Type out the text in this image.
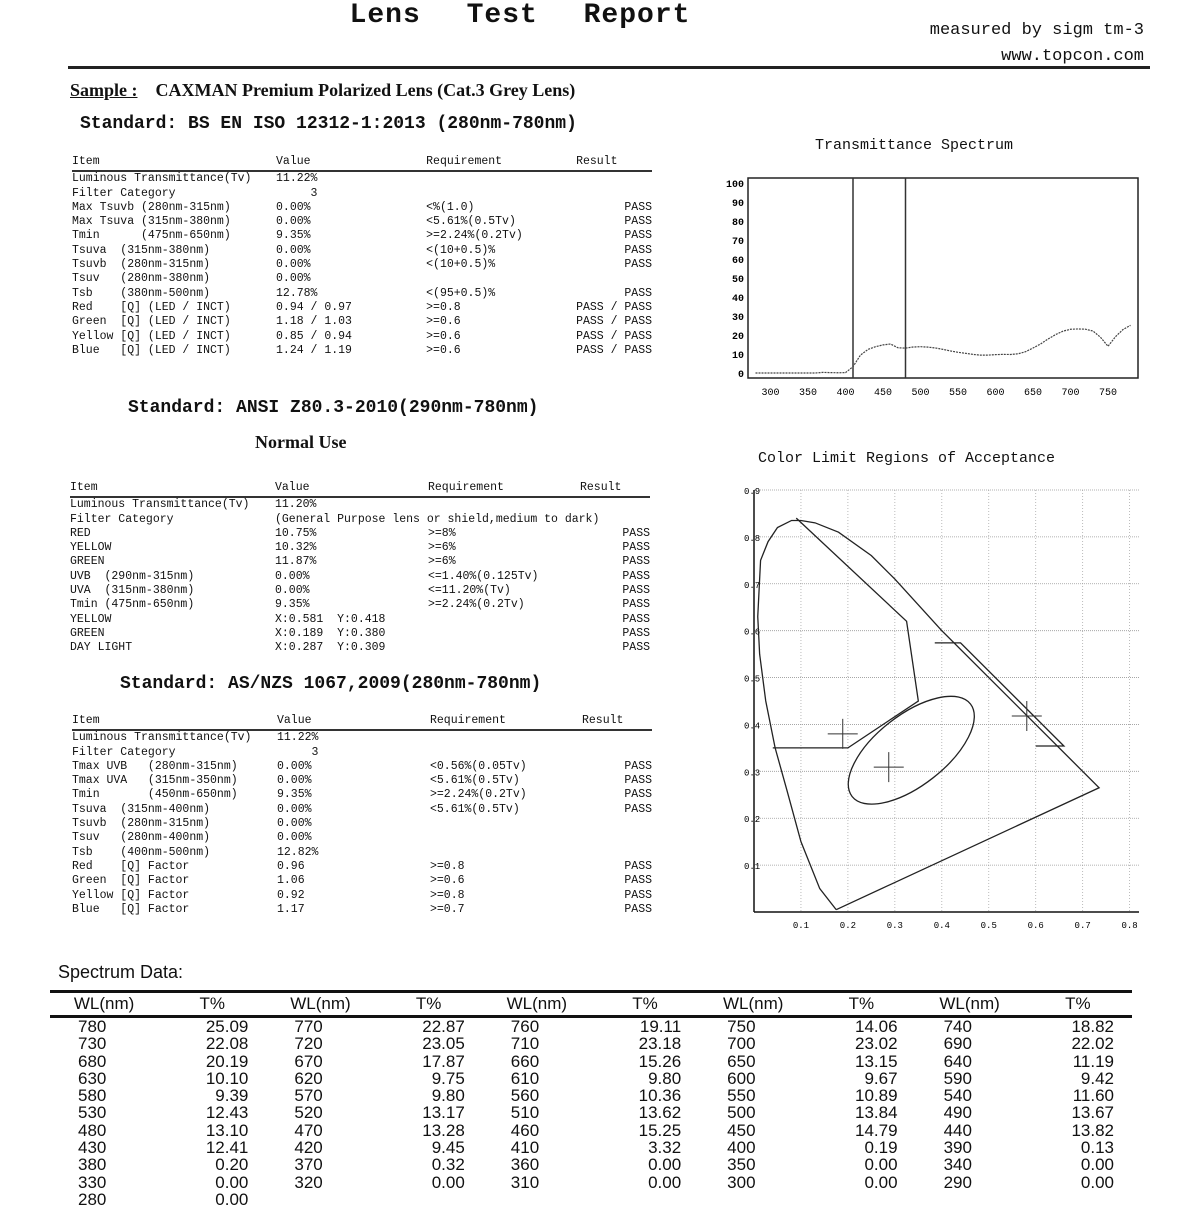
Lens Test Report	measured by sigm tm-3
www.topcon.com
Sample : CAXMAN Premium Polarized Lens (Cat.3 Grey Lens)
Standard: BS EN ISO 12312-1:2013 (280nm-780nm)
Item	Value	Requirement	Result
Luminous Transmittance(Tv)	11.22%		
Filter Category	3		
Max Tsuvb (280nm-315nm)	0.00%	<%(1.0)	PASS

Max Tsuva (315nm-380nm)	0.00%	<5.61%(0.5Tv)	PASS
Tmin      (475nm-650nm)	9.35%	>=2.24%(0.2Tv)	PASS
Tsuva  (315nm-380nm)	0.00%	<(10+0.5)%	PASS
Tsuvb  (280nm-315nm)	0.00%	<(10+0.5)%	PASS
Tsuv   (280nm-380nm)	0.00%		
Tsb    (380nm-500nm)	12.78%	<(95+0.5)%	PASS
Red    [Q] (LED / INCT)	0.94 / 0.97	>=0.8	PASS / PASS
Green  [Q] (LED / INCT)	1.18 / 1.03	>=0.6	PASS / PASS
Yellow [Q] (LED / INCT)	0.85 / 0.94	>=0.6	PASS / PASS
Blue   [Q] (LED / INCT)	1.24 / 1.19	>=0.6	PASS / PASS
Standard: ANSI Z80.3-2010(290nm-780nm)
Normal Use
Item	Value	Requirement	Result
Luminous Transmittance(Tv)	11.20%		
Filter Category	(General Purpose lens or shield,medium to dark)		
RED	10.75%	>=8%	PASS
YELLOW	10.32%	>=6%	PASS
GREEN	11.87%	>=6%	PASS
UVB  (290nm-315nm)	0.00%	<=1.40%(0.125Tv)	PASS
UVA  (315nm-380nm)	0.00%	<=11.20%(Tv)	PASS
Tmin (475nm-650nm)	9.35%	>=2.24%(0.2Tv)	PASS
YELLOW	X:0.581  Y:0.418		PASS
GREEN	X:0.189  Y:0.380		PASS
DAY LIGHT	X:0.287  Y:0.309		PASS
Standard: AS/NZS 1067,2009(280nm-780nm)
Item	Value	Requirement	Result
Luminous Transmittance(Tv)	11.22%		
Filter Category	3		
Tmax UVB   (280nm-315nm)	0.00%	<0.56%(0.05Tv)	PASS
Tmax UVA   (315nm-350nm)	0.00%	<5.61%(0.5Tv)	PASS
Tmin       (450nm-650nm)	9.35%	>=2.24%(0.2Tv)	PASS
Tsuva  (315nm-400nm)	0.00%	<5.61%(0.5Tv)	PASS
Tsuvb  (280nm-315nm)	0.00%		
Tsuv   (280nm-400nm)	0.00%		
Tsb    (400nm-500nm)	12.82%		
Red    [Q] Factor	0.96	>=0.8	PASS
Green  [Q] Factor	1.06	>=0.6	PASS
Yellow [Q] Factor	0.92	>=0.8	PASS
Blue   [Q] Factor	1.17	>=0.7	PASS
Transmittance Spectrum
0
10
20
30
40
50
60
70
80
90
100
300 350 400 450 500 550 600 650 700 750
Color Limit Regions of Acceptance
0.1
0.2
0.3
0.4
0.5
0.6
0.7
0.8
0.9
0.1	0.2	0.3	0.4	0.5	0.6	0.7	0.8
Spectrum Data:
WL(nm)	T%	WL(nm)	T%	WL(nm)	T%	WL(nm)	T%	WL(nm)	T%
780	25.09	770	22.87	760	19.11	750	14.06	740	18.82
730	22.08	720	23.05	710	23.18	700	23.02	690	22.02
680	20.19	670	17.87	660	15.26	650	13.15	640	11.19
630	10.10	620	9.75	610	9.80	600	9.67	590	9.42
580	9.39	570	9.80	560	10.36	550	10.89	540	11.60
530	12.43	520	13.17	510	13.62	500	13.84	490	13.67
480	13.10	470	13.28	460	15.25	450	14.79	440	13.82
430	12.41	420	9.45	410	3.32	400	0.19	390	0.13
380	0.20	370	0.32	360	0.00	350	0.00	340	0.00
330	0.00	320	0.00	310	0.00	300	0.00	290	0.00
280	0.00								
